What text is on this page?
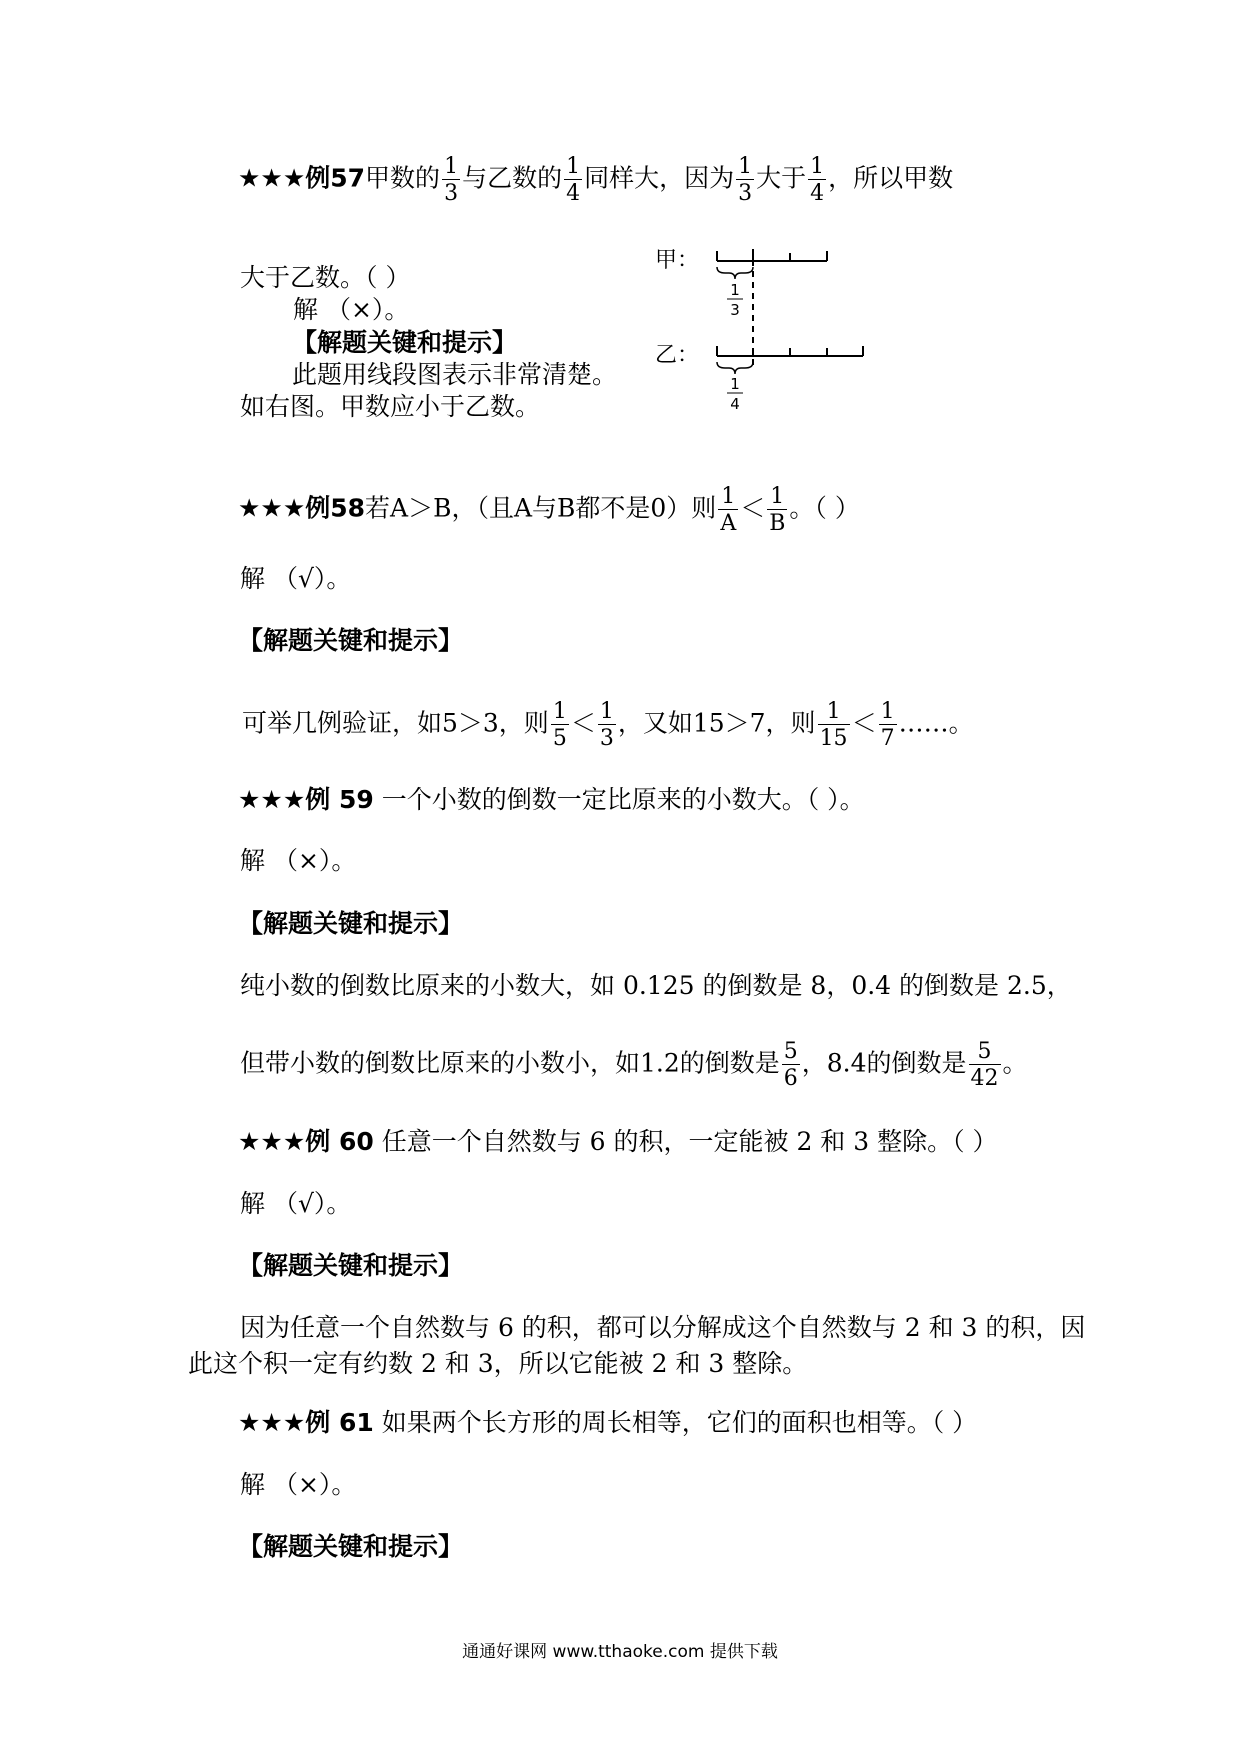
★★★例57甲数的 $\frac{1}{3}$ 与乙数的 $\frac{1}{4}$ 同样大，因为 $\frac{1}{3}$ 大于 $\frac{1}{4}$ ，所以甲数
大于乙数。（ ）
解 （×）。
【解题关键和提示】
此题用线段图表示非常清楚。
如右图。甲数应小于乙数。
甲：
1
3
乙：
1
4
★★★例58若A＞B，（且A与B都不是0）则 $\frac{1}{A} < \frac{1}{B}$ 。（ ）
解 （√）。
【解题关键和提示】
可举几例验证，如5＞3，则 $\frac{1}{5} < \frac{1}{3}$ ，又如15＞7，则 $\frac{1}{15} < \frac{1}{7}$ ……。
★★★例 59 一个小数的倒数一定比原来的小数大。（ ）。
解 （×）。
【解题关键和提示】
纯小数的倒数比原来的小数大，如 0.125 的倒数是 8，0.4 的倒数是 2.5，
但带小数的倒数比原来的小数小，如1.2的倒数是 $\frac{5}{6}$ ，8.4的倒数是 $\frac{5}{42}$ 。
★★★例 60 任意一个自然数与 6 的积，一定能被 2 和 3 整除。（ ）
解 （√）。
【解题关键和提示】
因为任意一个自然数与 6 的积，都可以分解成这个自然数与 2 和 3 的积，因
此这个积一定有约数 2 和 3，所以它能被 2 和 3 整除。
★★★例 61 如果两个长方形的周长相等，它们的面积也相等。（ ）
解 （×）。
【解题关键和提示】
通通好课网 www.tthaoke.com 提供下载
